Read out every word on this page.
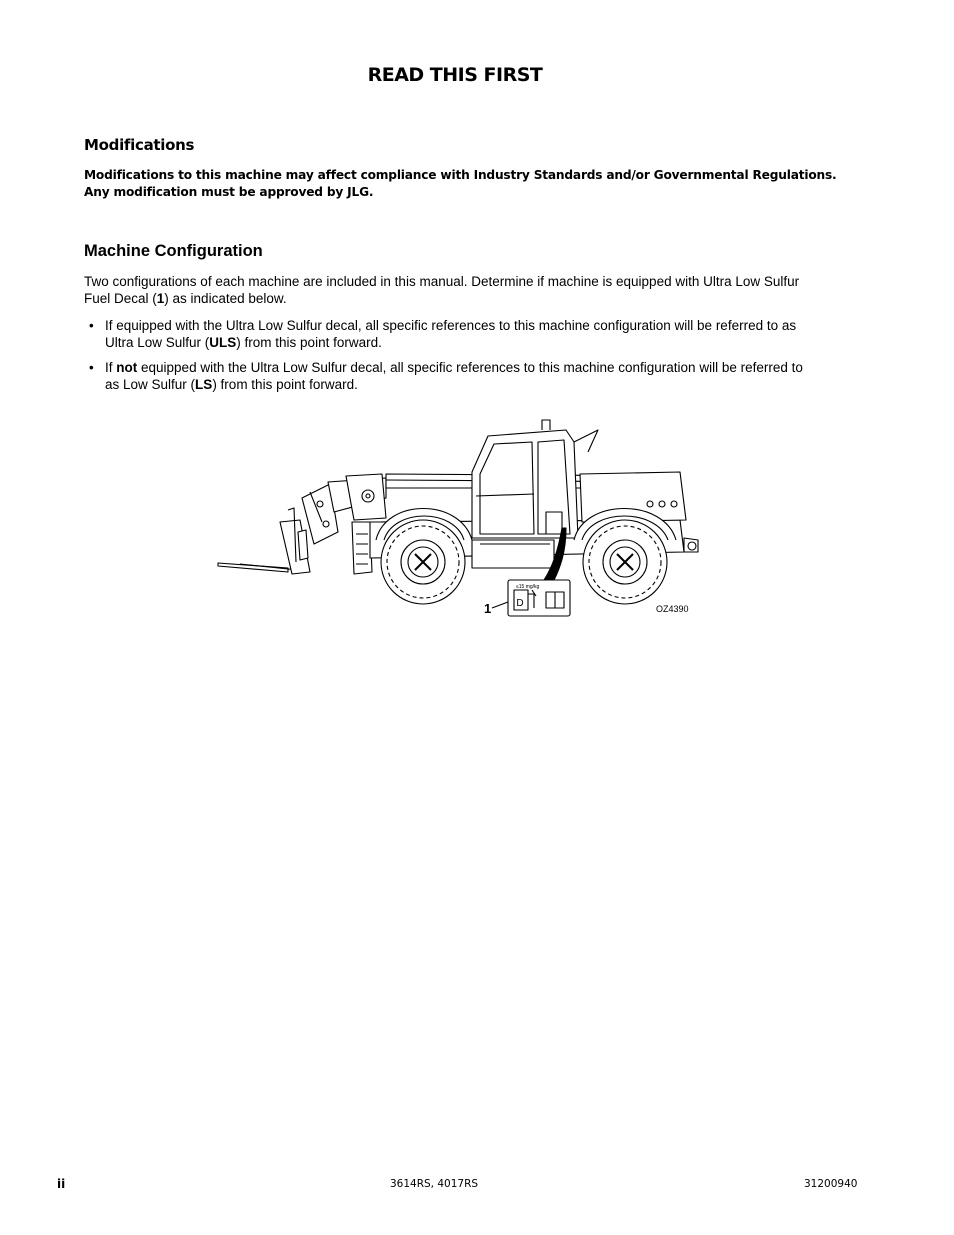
READ THIS FIRST
Modifications
Modifications to this machine may affect compliance with Industry Standards and/or Governmental Regulations.
Any modification must be approved by JLG.
Machine Configuration
Two configurations of each machine are included in this manual. Determine if machine is equipped with Ultra Low Sulfur
Fuel Decal (1) as indicated below.
• If equipped with the Ultra Low Sulfur decal, all specific references to this machine configuration will be referred to as
Ultra Low Sulfur (ULS) from this point forward.
• If not equipped with the Ultra Low Sulfur decal, all specific references to this machine configuration will be referred to
as Low Sulfur (LS) from this point forward.
D
≤15 mg/kg
OZ4390
1
ii	3614RS, 4017RS	31200940
